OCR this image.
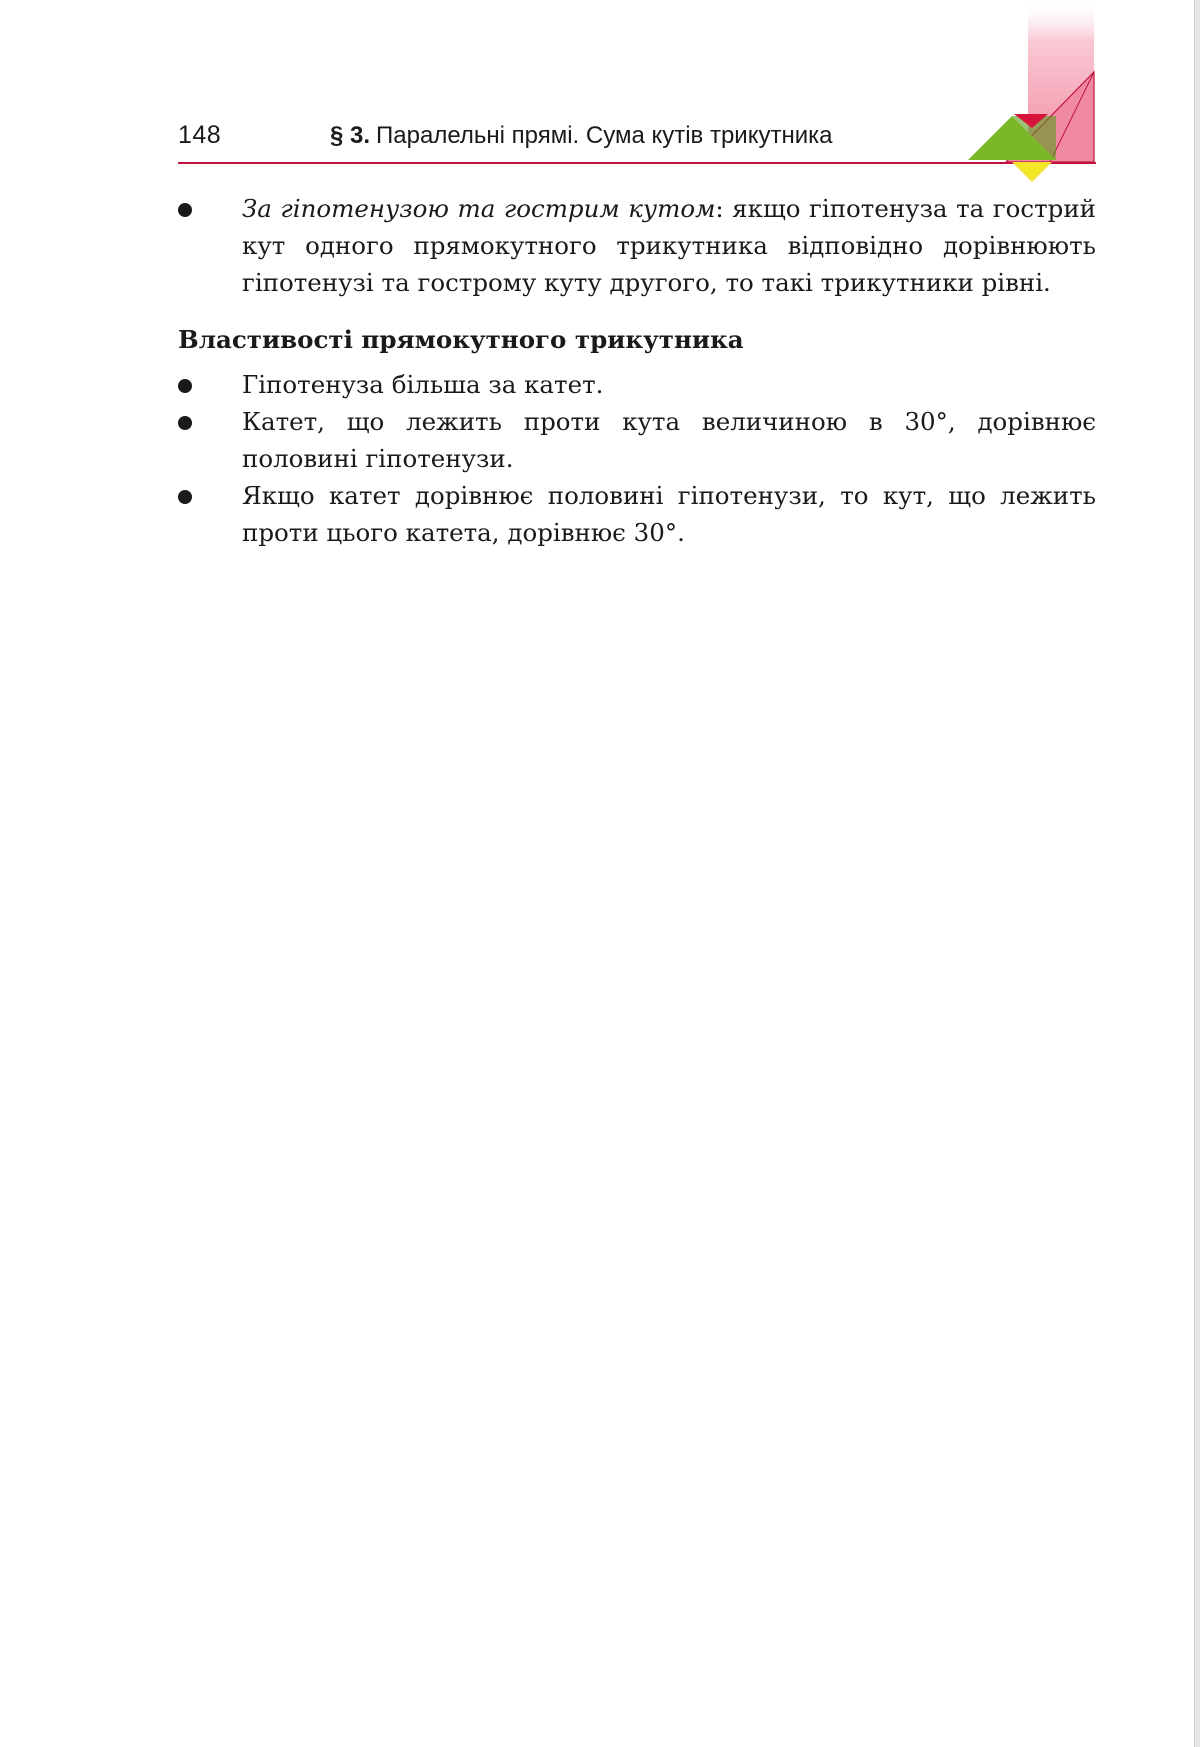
148	§ 3. Паралельні прямі. Сума кутів трикутника
За гіпотенузою та гострим кутом: якщо гіпотенуза та гострий кут одного прямокутного трикутника відповідно дорівнюють гіпотенузі та гострому куту другого, то такі трикутники рівні.
Властивості прямокутного трикутника
Гіпотенуза більша за катет.
Катет, що лежить проти кута величиною в 30°, дорівнює половині гіпотенузи.
Якщо катет дорівнює половині гіпотенузи, то кут, що лежить проти цього катета, дорівнює 30°.
